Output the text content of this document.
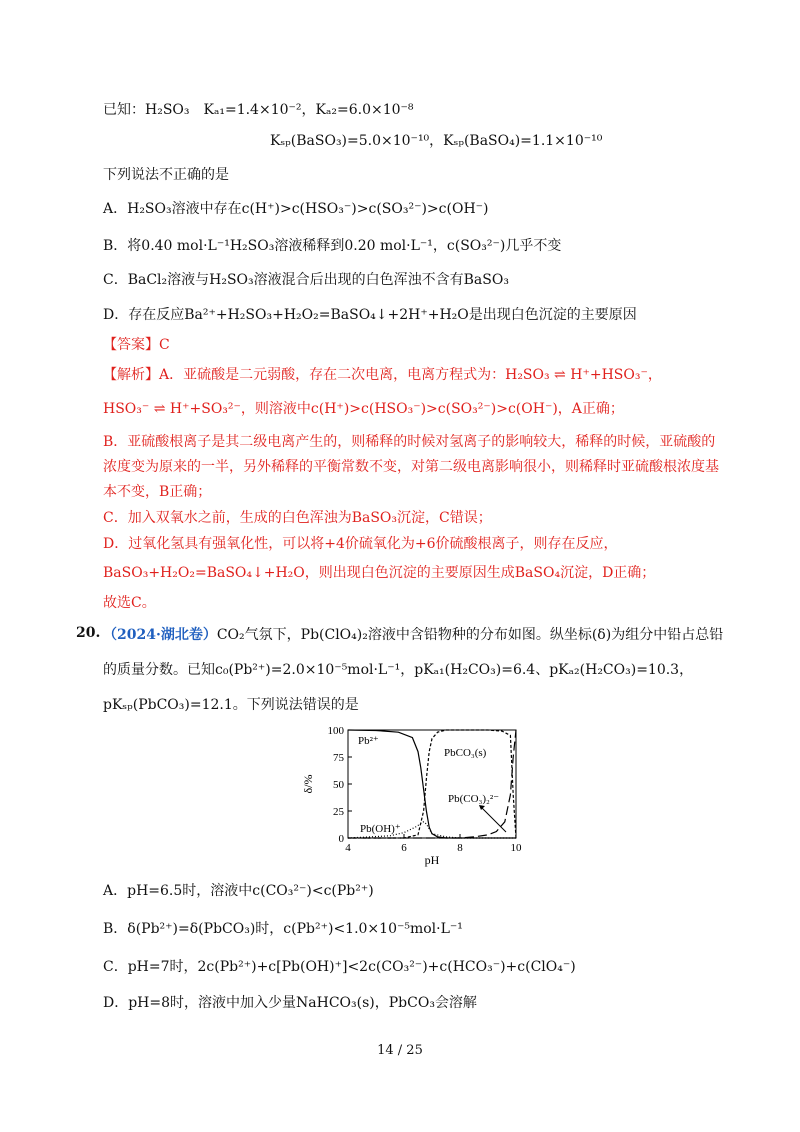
已知：H₂SO₃　Kₐ₁=1.4×10⁻²，Kₐ₂=6.0×10⁻⁸
Kₛₚ(BaSO₃)=5.0×10⁻¹⁰，Kₛₚ(BaSO₄)=1.1×10⁻¹⁰
下列说法不正确的是
A．H₂SO₃溶液中存在c(H⁺)>c(HSO₃⁻)>c(SO₃²⁻)>c(OH⁻)
B．将0.40 mol·L⁻¹H₂SO₃溶液稀释到0.20 mol·L⁻¹，c(SO₃²⁻)几乎不变
C．BaCl₂溶液与H₂SO₃溶液混合后出现的白色浑浊不含有BaSO₃
D．存在反应Ba²⁺+H₂SO₃+H₂O₂=BaSO₄↓+2H⁺+H₂O是出现白色沉淀的主要原因
【答案】C
【解析】A．亚硫酸是二元弱酸，存在二次电离，电离方程式为：H₂SO₃ ⇌ H⁺+HSO₃⁻，
HSO₃⁻ ⇌ H⁺+SO₃²⁻，则溶液中c(H⁺)>c(HSO₃⁻)>c(SO₃²⁻)>c(OH⁻)，A正确；
B．亚硫酸根离子是其二级电离产生的，则稀释的时候对氢离子的影响较大，稀释的时候，亚硫酸的
浓度变为原来的一半，另外稀释的平衡常数不变，对第二级电离影响很小，则稀释时亚硫酸根浓度基
本不变，B正确；
C．加入双氧水之前，生成的白色浑浊为BaSO₃沉淀，C错误；
D．过氧化氢具有强氧化性，可以将+4价硫氧化为+6价硫酸根离子，则存在反应，
BaSO₃+H₂O₂=BaSO₄↓+H₂O，则出现白色沉淀的主要原因生成BaSO₄沉淀，D正确；
故选C。
20. （2024·湖北卷）CO₂气氛下，Pb(ClO₄)₂溶液中含铅物种的分布如图。纵坐标(δ)为组分中铅占总铅
的质量分数。已知c₀(Pb²⁺)=2.0×10⁻⁵mol·L⁻¹，pKₐ₁(H₂CO₃)=6.4、pKₐ₂(H₂CO₃)=10.3，
pKₛₚ(PbCO₃)=12.1。下列说法错误的是
4	6	8	10
0
25
50
75
100
pH
δ/%
Pb²⁺
PbCO₃(s)
Pb(CO₃)₂²⁻
Pb(OH)⁺
A．pH=6.5时，溶液中c(CO₃²⁻)<c(Pb²⁺)
B．δ(Pb²⁺)=δ(PbCO₃)时，c(Pb²⁺)<1.0×10⁻⁵mol·L⁻¹
C．pH=7时，2c(Pb²⁺)+c[Pb(OH)⁺]<2c(CO₃²⁻)+c(HCO₃⁻)+c(ClO₄⁻)
D．pH=8时，溶液中加入少量NaHCO₃(s)，PbCO₃会溶解
14 / 25
